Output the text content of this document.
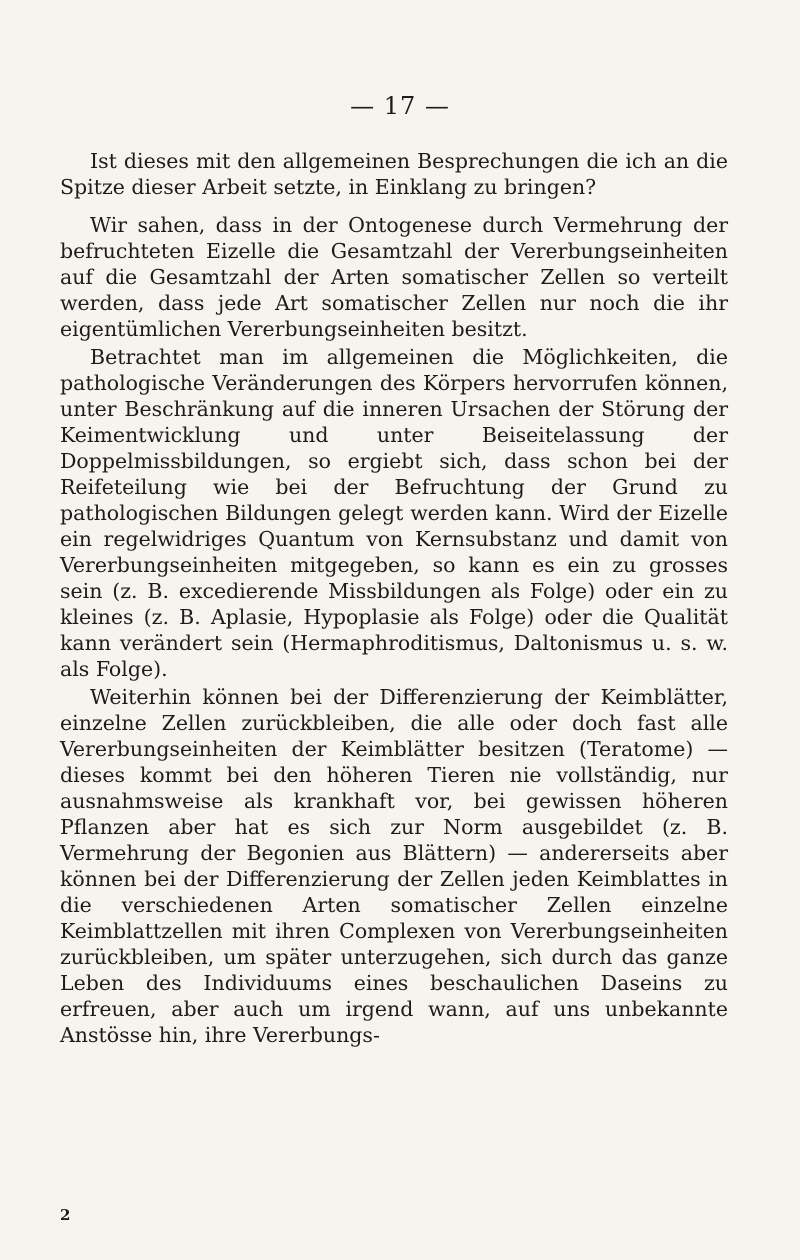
— 17 —

Ist dieses mit den allgemeinen Besprechungen die ich an die Spitze dieser Arbeit setzte, in Einklang zu bringen?

Wir sahen, dass in der Ontogenese durch Vermehrung der befruchteten Eizelle die Gesamtzahl der Vererbungseinheiten auf die Gesamtzahl der Arten somatischer Zellen so verteilt werden, dass jede Art somatischer Zellen nur noch die ihr eigentümlichen Vererbungseinheiten besitzt.

Betrachtet man im allgemeinen die Möglichkeiten, die pathologische Veränderungen des Körpers hervorrufen können, unter Beschränkung auf die inneren Ursachen der Störung der Keimentwicklung und unter Beiseitelassung der Doppelmissbildungen, so ergiebt sich, dass schon bei der Reifeteilung wie bei der Befruchtung der Grund zu pathologischen Bildungen gelegt werden kann. Wird der Eizelle ein regelwidriges Quantum von Kernsubstanz und damit von Vererbungseinheiten mitgegeben, so kann es ein zu grosses sein (z. B. excedierende Missbildungen als Folge) oder ein zu kleines (z. B. Aplasie, Hypoplasie als Folge) oder die Qualität kann verändert sein (Hermaphroditismus, Daltonismus u. s. w. als Folge).

Weiterhin können bei der Differenzierung der Keimblätter, einzelne Zellen zurückbleiben, die alle oder doch fast alle Vererbungseinheiten der Keimblätter besitzen (Teratome) — dieses kommt bei den höheren Tieren nie vollständig, nur ausnahmsweise als krankhaft vor, bei gewissen höheren Pflanzen aber hat es sich zur Norm ausgebildet (z. B. Vermehrung der Begonien aus Blättern) — andererseits aber können bei der Differenzierung der Zellen jeden Keimblattes in die verschiedenen Arten somatischer Zellen einzelne Keimblattzellen mit ihren Complexen von Vererbungseinheiten zurückbleiben, um später unterzugehen, sich durch das ganze Leben des Individuums eines beschaulichen Daseins zu erfreuen, aber auch um irgend wann, auf uns unbekannte Anstösse hin, ihre Vererbungs-

2
